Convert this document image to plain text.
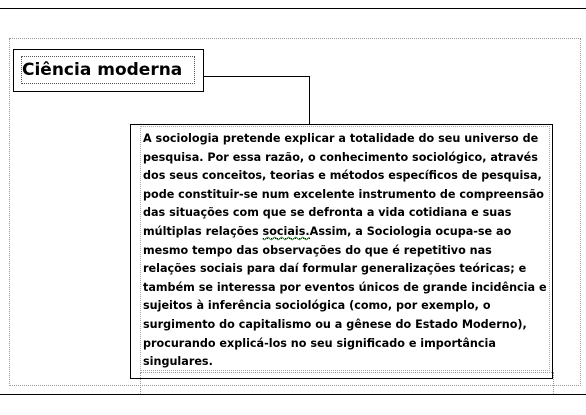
Ciência moderna
A sociologia pretende explicar a totalidade do seu universo de
pesquisa. Por essa razão, o conhecimento sociológico, através
dos seus conceitos, teorias e métodos específicos de pesquisa,
pode constituir-se num excelente instrumento de compreensão
das situações com que se defronta a vida cotidiana e suas
múltiplas relações sociais.Assim, a Sociologia ocupa-se ao
mesmo tempo das observações do que é repetitivo nas
relações sociais para daí formular generalizações teóricas; e
também se interessa por eventos únicos de grande incidência e
sujeitos à inferência sociológica (como, por exemplo, o
surgimento do capitalismo ou a gênese do Estado Moderno),
procurando explicá-los no seu significado e importância
singulares.
